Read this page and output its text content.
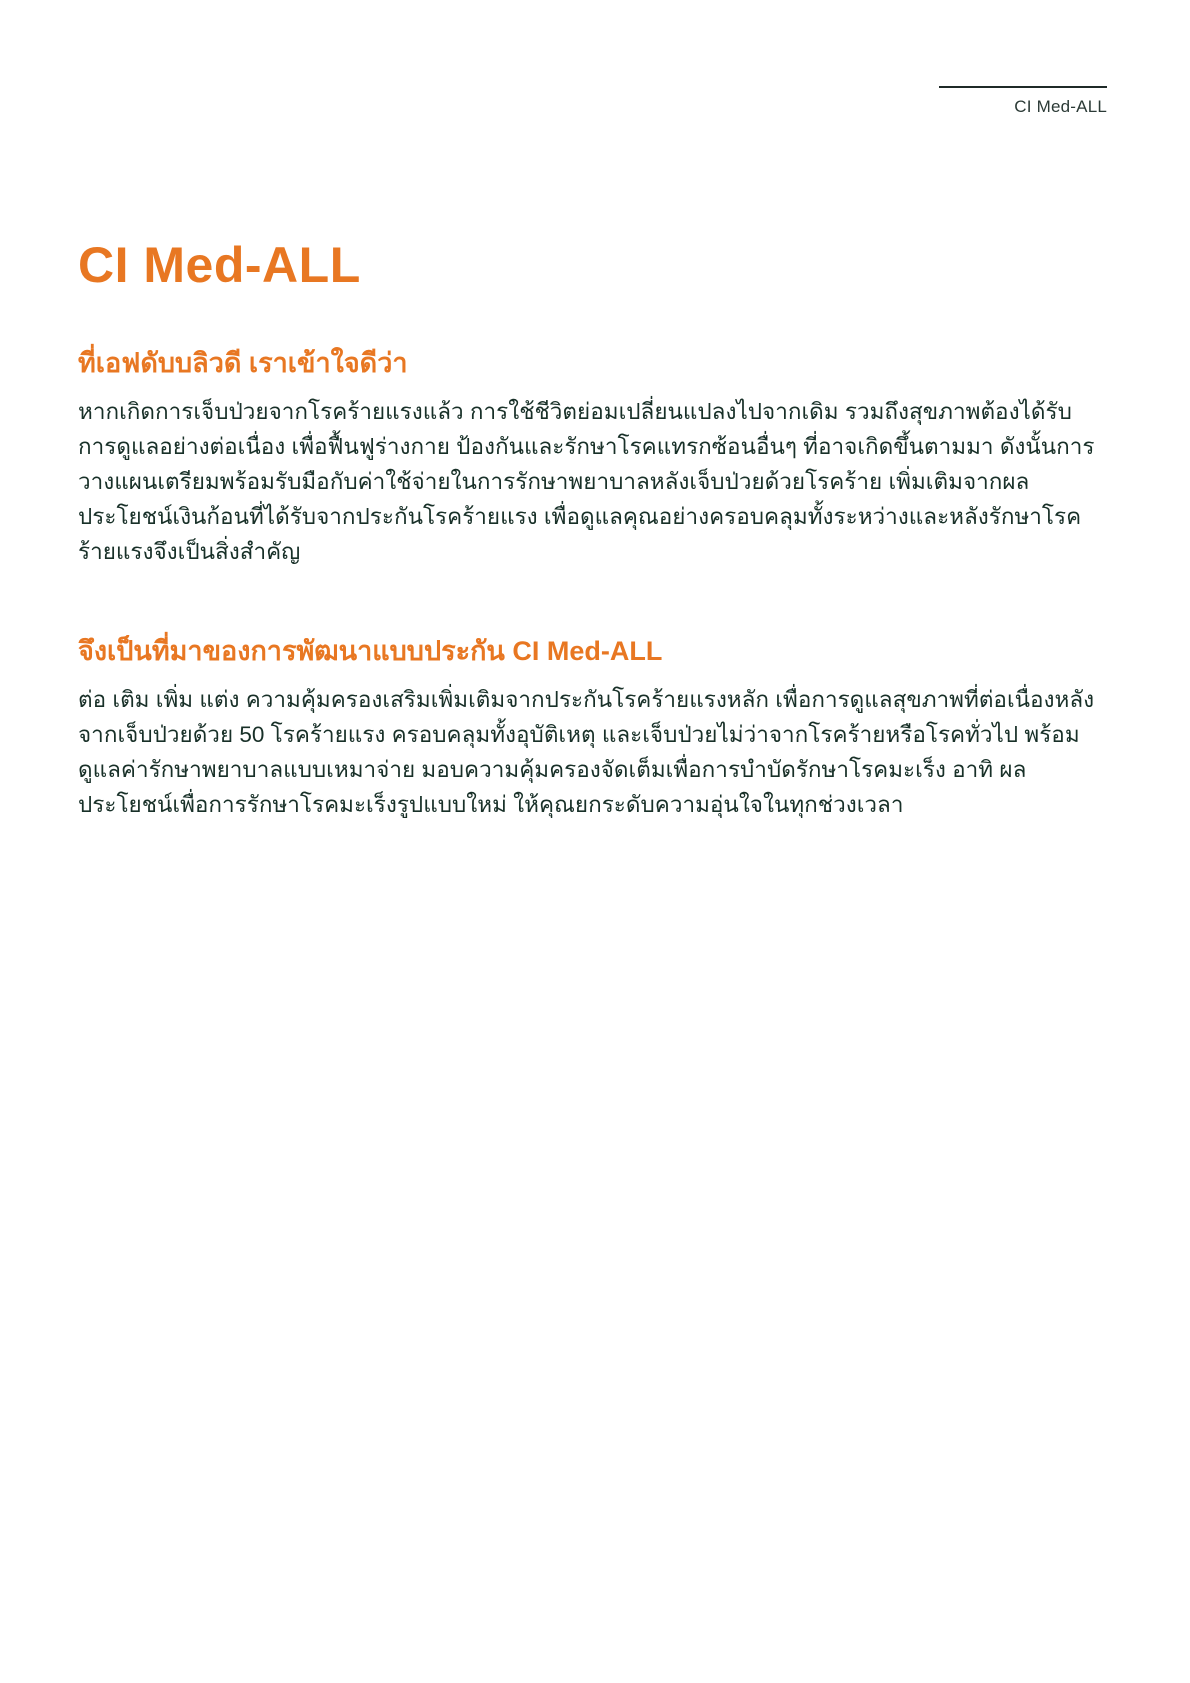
CI Med-ALL
CI Med-ALL
ที่เอฟดับบลิวดี เราเข้าใจดีว่า

หากเกิดการเจ็บป่วยจากโรคร้ายแรงแล้ว การใช้ชีวิตย่อมเปลี่ยนแปลงไปจากเดิม รวมถึงสุขภาพต้องได้รับการดูแลอย่างต่อเนื่อง เพื่อฟื้นฟูร่างกาย ป้องกันและรักษาโรคแทรกซ้อนอื่นๆ ที่อาจเกิดขึ้นตามมา ดังนั้นการวางแผนเตรียมพร้อมรับมือกับค่าใช้จ่ายในการรักษาพยาบาลหลังเจ็บป่วยด้วยโรคร้าย เพิ่มเติมจากผลประโยชน์เงินก้อนที่ได้รับจากประกันโรคร้ายแรง เพื่อดูแลคุณอย่างครอบคลุมทั้งระหว่างและหลังรักษาโรคร้ายแรงจึงเป็นสิ่งสำคัญ

จึงเป็นที่มาของการพัฒนาแบบประกัน CI Med-ALL

ต่อ เติม เพิ่ม แต่ง ความคุ้มครองเสริมเพิ่มเติมจากประกันโรคร้ายแรงหลัก เพื่อการดูแลสุขภาพที่ต่อเนื่องหลังจากเจ็บป่วยด้วย 50 โรคร้ายแรง ครอบคลุมทั้งอุบัติเหตุ และเจ็บป่วยไม่ว่าจากโรคร้ายหรือโรคทั่วไป พร้อมดูแลค่ารักษาพยาบาลแบบเหมาจ่าย มอบความคุ้มครองจัดเต็มเพื่อการบำบัดรักษาโรคมะเร็ง อาทิ ผลประโยชน์เพื่อการรักษาโรคมะเร็งรูปแบบใหม่ ให้คุณยกระดับความอุ่นใจในทุกช่วงเวลา
